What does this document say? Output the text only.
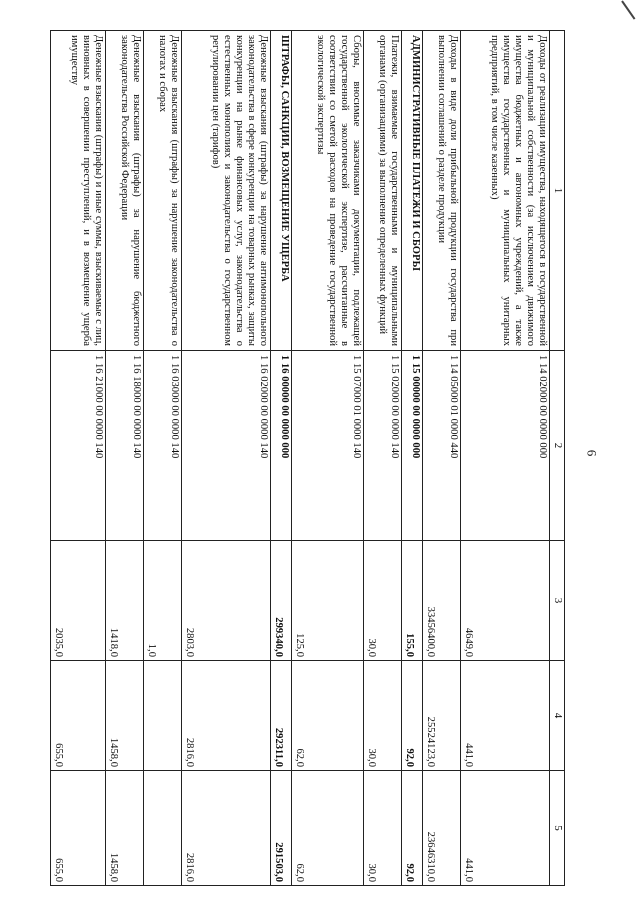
6
1	2	3	4	5
Доходы от реализации имущества, находящегося в государственной и муниципальной собственности (за исключением движимого имущества бюджетных и автономных учреждений, а также имущества государственных и муниципальных унитарных предприятий, в том числе казенных)	1 14 02000 00 0000 000	4649,0	441,0	441,0
Доходы в виде доли прибыльной продукции государства при выполнении соглашений о разделе продукции	1 14 05000 01 0000 440	33456400,0	25524123,0	23646310,0
АДМИНИСТРАТИВНЫЕ ПЛАТЕЖИ И СБОРЫ	1 15 00000 00 0000 000	155,0	92,0	92,0
Платежи, взимаемые государственными и муниципальными органами (организациями) за выполнение определенных функций	1 15 02000 00 0000 140	30,0	30,0	30,0
Сборы, вносимые заказчиками документации, подлежащей государственной экологической экспертизе, рассчитанные в соответствии со сметой расходов на проведение государственной экологической экспертизы	1 15 07000 01 0000 140	125,0	62,0	62,0
ШТРАФЫ, САНКЦИИ, ВОЗМЕЩЕНИЕ УЩЕРБА	1 16 00000 00 0000 000	299340,0	292311,0	291503,0
Денежные взыскания (штрафы) за нарушение антимонопольного законодательства в сфере конкуренции на товарных рынках, защиты конкуренции на рынке финансовых услуг, законодательства о естественных монополиях и законодательства о государственном регулировании цен (тарифов)	1 16 02000 00 0000 140	2803,0	2816,0	2816,0
Денежные взыскания (штрафы) за нарушение законодательства о налогах и сборах	1 16 03000 00 0000 140	1,0		
Денежные взыскания (штрафы) за нарушение бюджетного законодательства Российской Федерации	1 16 18000 00 0000 140	1418,0	1458,0	1458,0
Денежные взыскания (штрафы) и иные суммы, взыскиваемые с лиц, виновных в совершении преступлений, и в возмещение ущерба имуществу	1 16 21000 00 0000 140	2035,0	655,0	655,0
